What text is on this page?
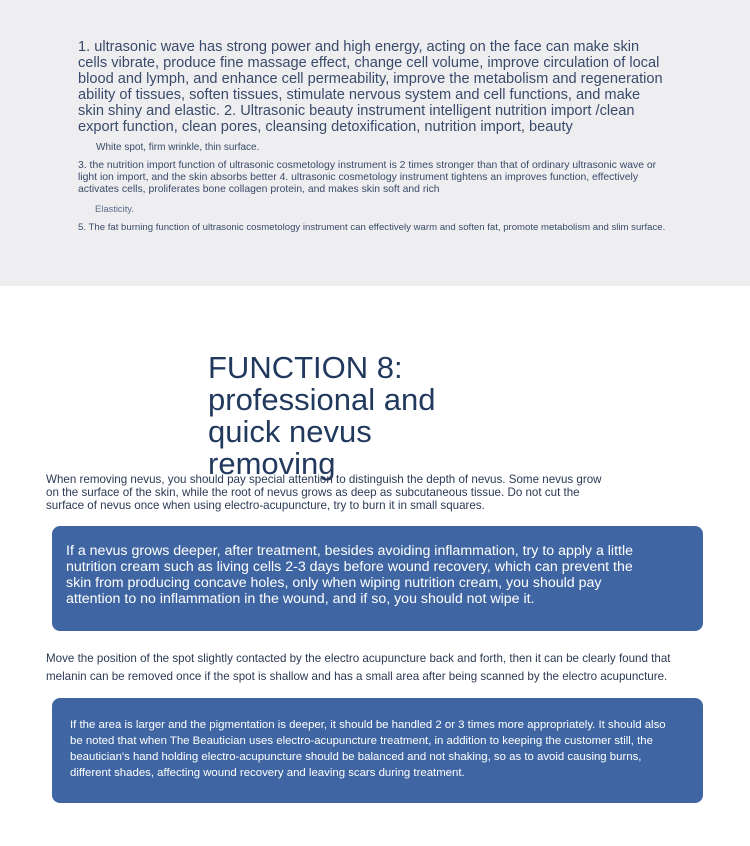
1. ultrasonic wave has strong power and high energy, acting on the face can make skin cells vibrate, produce fine massage effect, change cell volume, improve circulation of local blood and lymph, and enhance cell permeability, improve the metabolism and regeneration ability of tissues, soften tissues, stimulate nervous system and cell functions, and make skin shiny and elastic. 2. Ultrasonic beauty instrument intelligent nutrition import /clean export function, clean pores, cleansing detoxification, nutrition import, beauty

White spot, firm wrinkle, thin surface.

3. the nutrition import function of ultrasonic cosmetology instrument is 2 times stronger than that of ordinary ultrasonic wave or light ion import, and the skin absorbs better 4. ultrasonic cosmetology instrument tightens an improves function, effectively activates cells, proliferates bone collagen protein, and makes skin soft and rich

Elasticity.

5. The fat burning function of ultrasonic cosmetology instrument can effectively warm and soften fat, promote metabolism and slim surface.

FUNCTION 8: professional and quick nevus removing

When removing nevus, you should pay special attention to distinguish the depth of nevus. Some nevus grow on the surface of the skin, while the root of nevus grows as deep as subcutaneous tissue. Do not cut the surface of nevus once when using electro-acupuncture, try to burn it in small squares.

If a nevus grows deeper, after treatment, besides avoiding inflammation, try to apply a little nutrition cream such as living cells 2-3 days before wound recovery, which can prevent the skin from producing concave holes, only when wiping nutrition cream, you should pay attention to no inflammation in the wound, and if so, you should not wipe it.

Move the position of the spot slightly contacted by the electro acupuncture back and forth, then it can be clearly found that melanin can be removed once if the spot is shallow and has a small area after being scanned by the electro acupuncture.

If the area is larger and the pigmentation is deeper, it should be handled 2 or 3 times more appropriately. It should also be noted that when The Beautician uses electro-acupuncture treatment, in addition to keeping the customer still, the beautician's hand holding electro-acupuncture should be balanced and not shaking, so as to avoid causing burns, different shades, affecting wound recovery and leaving scars during treatment.
